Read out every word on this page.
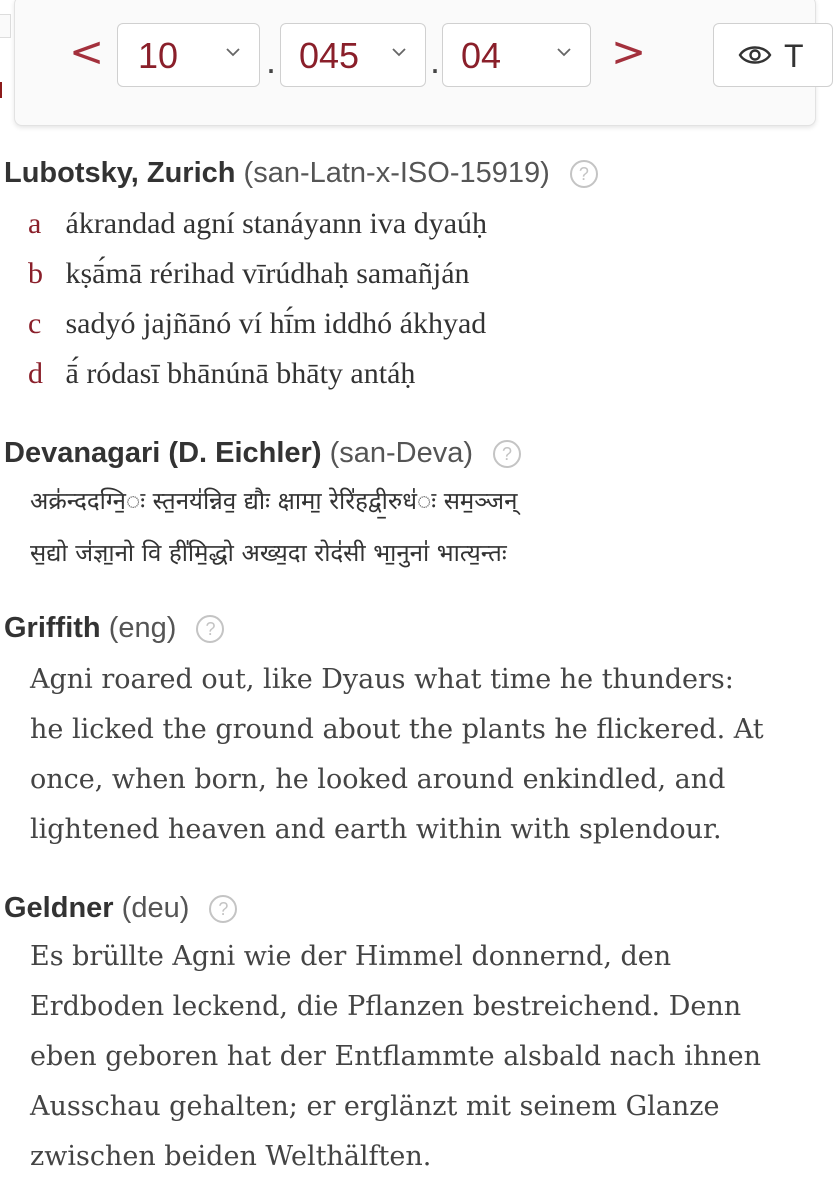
< 10 . 045 . 04	>	T
Lubotsky, Zurich (san-Latn-x-ISO-15919) ?
a ákrandad agní stanáyann iva dyaúḥ
b kṣā́mā rérihad vīrúdhaḥ samañján
c sadyó jajñānó ví hī́m iddhó ákhyad
d ā́ ródasī bhānúnā bhāty antáḥ
Devanagari (D. Eichler) (san-Deva) ?
अक्र॑न्ददग्नि॒ः स्त॒नय॑न्निव॒ द्यौः क्षामा॒ रेरि॑हद्वी॒रुध॑ः सम॒ञ्जन्
स॒द्यो ज॑ज्ञा॒नो वि ही॑मि॒द्धो अख्य॒दा रोद॑सी भा॒नुना॑ भात्य॒न्तः
Griffith (eng) ?
Agni roared out, like Dyaus what time he thunders: he licked the ground about the plants he flickered. At once, when born, he looked around enkindled, and lightened heaven and earth within with splendour.
Geldner (deu) ?
Es brüllte Agni wie der Himmel donnernd, den Erdboden leckend, die Pflanzen bestreichend. Denn eben geboren hat der Entflammte alsbald nach ihnen Ausschau gehalten; er erglänzt mit seinem Glanze zwischen beiden Welthälften.
